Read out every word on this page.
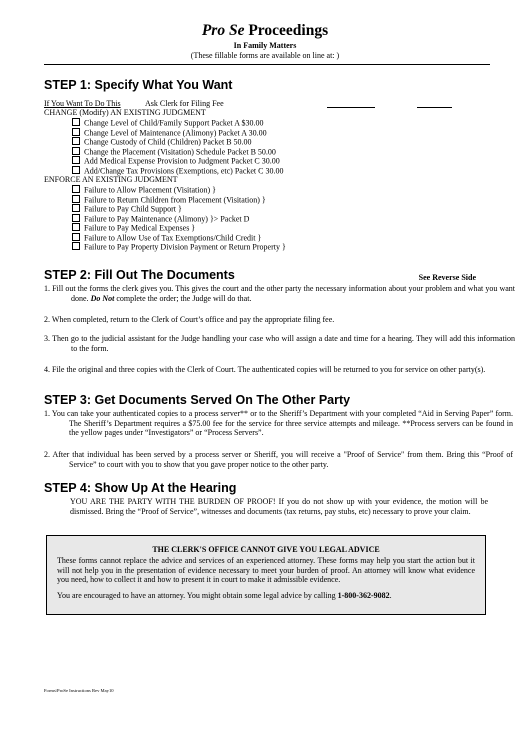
Pro Se Proceedings
In Family Matters
(These fillable forms are available on line at: )
STEP 1: Specify What You Want
If You Want To Do This	Ask Clerk for Filing Fee
CHANGE (Modify) AN EXISTING JUDGMENT
Change Level of Child/Family Support Packet A $30.00
Change Level of Maintenance (Alimony) Packet A 30.00
Change Custody of Child (Children) Packet B 50.00
Change the Placement (Visitation) Schedule Packet B 50.00
Add Medical Expense Provision to Judgment Packet C 30.00
Add/Change Tax Provisions (Exemptions, etc) Packet C 30.00
ENFORCE AN EXISTING JUDGMENT
Failure to Allow Placement (Visitation) }
Failure to Return Children from Placement (Visitation) }
Failure to Pay Child Support }
Failure to Pay Maintenance (Alimony) }> Packet D
Failure to Pay Medical Expenses }
Failure to Allow Use of Tax Exemptions/Child Credit }
Failure to Pay Property Division Payment or Return Property }
STEP 2: Fill Out The Documents	See Reverse Side
1. Fill out the forms the clerk gives you. This gives the court and the other party the necessary information about your problem and what you want done. Do Not complete the order; the Judge will do that.
2. When completed, return to the Clerk of Court’s office and pay the appropriate filing fee.
3. Then go to the judicial assistant for the Judge handling your case who will assign a date and time for a hearing. They will add this information to the form.
4. File the original and three copies with the Clerk of Court. The authenticated copies will be returned to you for service on other party(s).
STEP 3: Get Documents Served On The Other Party
1. You can take your authenticated copies to a process server** or to the Sheriff’s Department with your completed “Aid in Serving Paper” form. The Sheriff’s Department requires a $75.00 fee for the service for three service attempts and mileage. **Process servers can be found in the yellow pages under “Investigators” or “Process Servers”.
2. After that individual has been served by a process server or Sheriff, you will receive a "Proof of Service" from them. Bring this “Proof of Service” to court with you to show that you gave proper notice to the other party.
STEP 4: Show Up At the Hearing
YOU ARE THE PARTY WITH THE BURDEN OF PROOF! If you do not show up with your evidence, the motion will be dismissed. Bring the “Proof of Service”, witnesses and documents (tax returns, pay stubs, etc) necessary to prove your claim.
THE CLERK'S OFFICE CANNOT GIVE YOU LEGAL ADVICE
These forms cannot replace the advice and services of an experienced attorney. These forms may help you start the action but it will not help you in the presentation of evidence necessary to meet your burden of proof. An attorney will know what evidence you need, how to collect it and how to present it in court to make it admissible evidence.
You are encouraged to have an attorney. You might obtain some legal advice by calling 1-800-362-9082.
Forms\ProSe Instructions Rev May10
